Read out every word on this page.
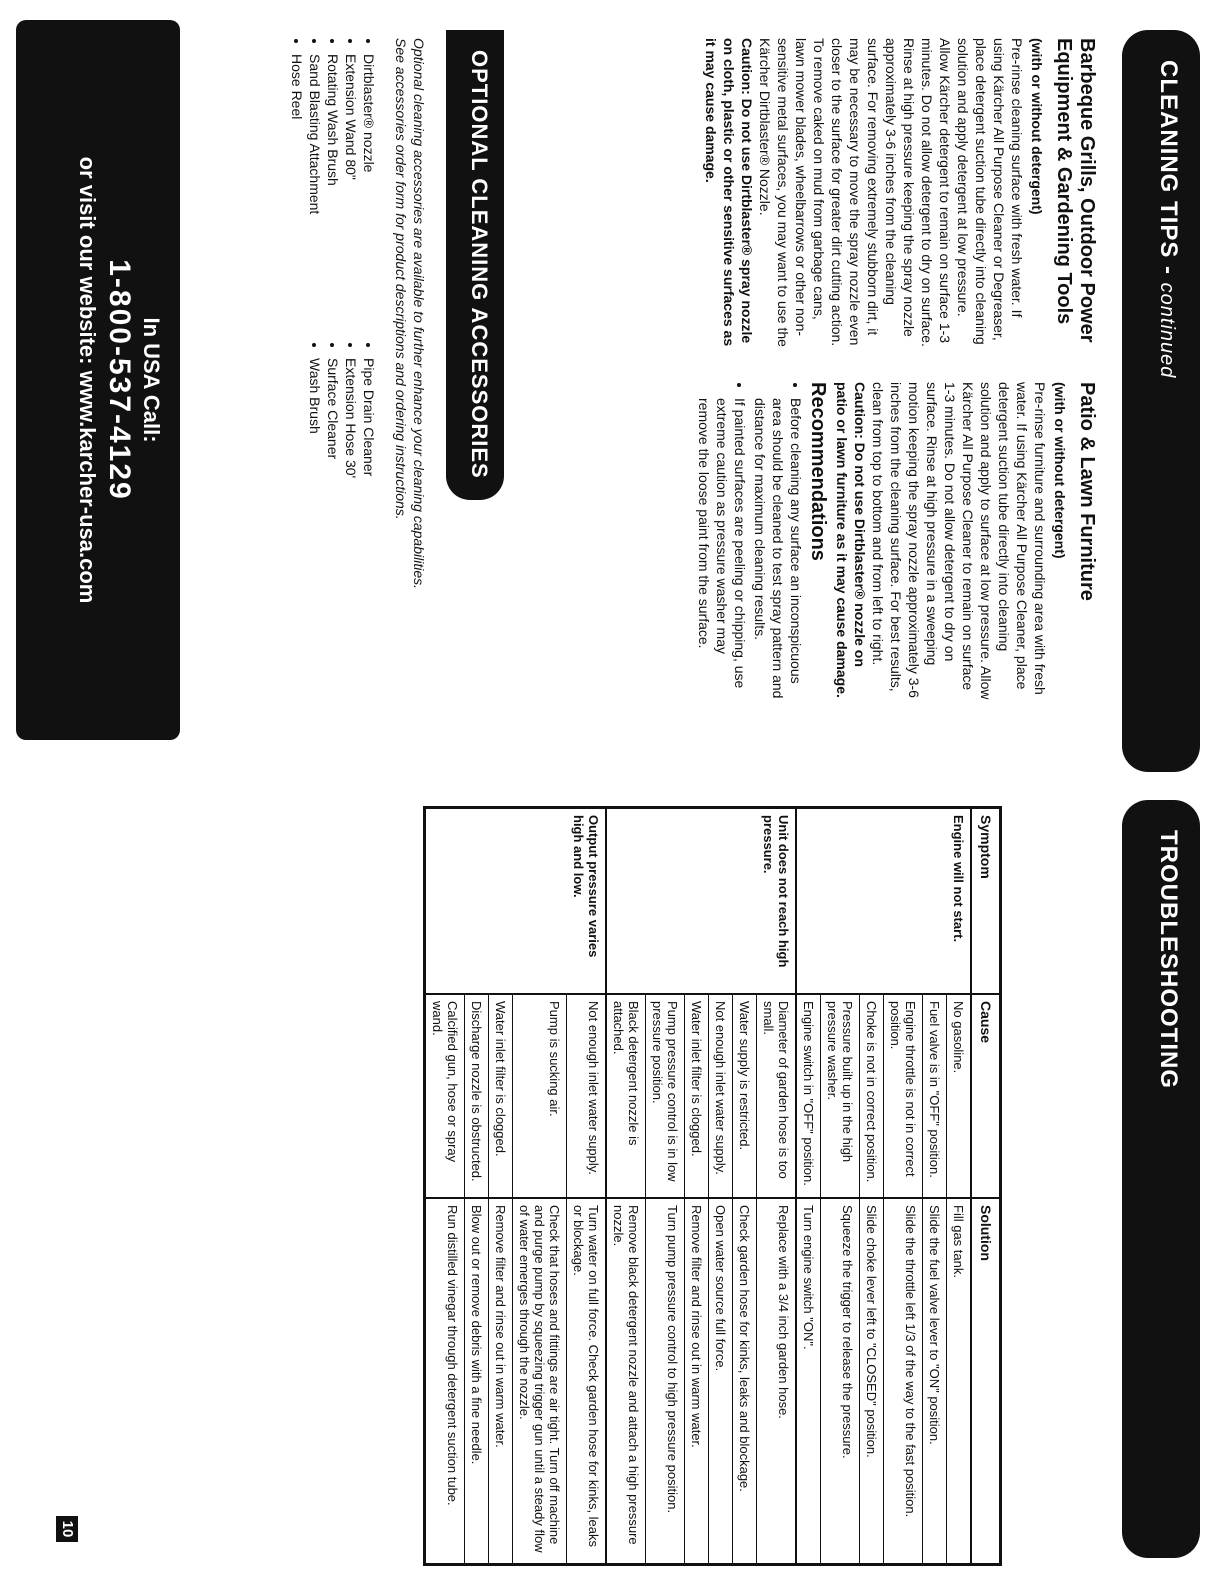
CLEANING TIPS - continued
Barbeque Grills, Outdoor Power Equipment & Gardening Tools

(with or without detergent)

Pre-rinse cleaning surface with fresh water. If using Kärcher All Purpose Cleaner or Degreaser, place detergent suction tube directly into cleaning solution and apply detergent at low pressure. Allow Kärcher detergent to remain on surface 1-3 minutes. Do not allow detergent to dry on surface. Rinse at high pressure keeping the spray nozzle approximately 3-6 inches from the cleaning surface. For removing extremely stubborn dirt, it may be necessary to move the spray nozzle even closer to the surface for greater dirt cutting action. To remove caked on mud from garbage cans, lawn mower blades, wheelbarrows or other non-sensitive metal surfaces, you may want to use the Kärcher Dirtblaster® Nozzle.

Caution: Do not use Dirtblaster® spray nozzle on cloth, plastic or other sensitive surfaces as it may cause damage.

Patio & Lawn Furniture

(with or without detergent)

Pre-rinse furniture and surrounding area with fresh water. If using Kärcher All Purpose Cleaner, place detergent suction tube directly into cleaning solution and apply to surface at low pressure. Allow Kärcher All Purpose Cleaner to remain on surface 1-3 minutes. Do not allow detergent to dry on surface. Rinse at high pressure in a sweeping motion keeping the spray nozzle approximately 3-6 inches from the cleaning surface. For best results, clean from top to bottom and from left to right.

Caution: Do not use Dirtblaster® nozzle on patio or lawn furniture as it may cause damage.

Recommendations
• Before cleaning any surface an inconspicuous area should be cleaned to test spray pattern and distance for maximum cleaning results.
• If painted surfaces are peeling or chipping, use extreme caution as pressure washer may remove the loose paint from the surface.
OPTIONAL CLEANING ACCESSORIES
Optional cleaning accessories are available to further enhance your cleaning capabilities.
See accessories order form for product descriptions and ordering instructions.
• Dirtblaster® nozzle
• Extension Wand 80"
• Rotating Wash Brush
• Sand Blasting Attachment
• Hose Reel
• Pipe Drain Cleaner
• Extension Hose 30'
• Surface Cleaner
• Wash Brush
In USA Call:
1-800-537-4129
or visit our website: www.karcher-usa.com
TROUBLESHOOTING
Symptom	Cause	Solution
Engine will not start.	No gasoline.	Fill gas tank.
	Fuel valve is in "OFF" position.	Slide the fuel valve lever to "ON" position.
	Engine throttle is not in correct position.	Slide the throttle left 1/3 of the way to the fast position.
	Choke is not in correct position.	Slide choke lever left to "CLOSED" position.
	Pressure built up in the high pressure washer.	Squeeze the trigger to release the pressure.
	Engine switch in "OFF" position.	Turn engine switch "ON".
Unit does not reach high pressure.	Diameter of garden hose is too small.	Replace with a 3/4 inch garden hose.
	Water supply is restricted.	Check garden hose for kinks, leaks and blockage.
	Not enough inlet water supply.	Open water source full force.
	Water inlet filter is clogged.	Remove filter and rinse out in warm water.
	Pump pressure control is in low pressure position.	Turn pump pressure control to high pressure position.
	Black detergent nozzle is attached.	Remove black detergent nozzle and attach a high pressure nozzle.
Output pressure varies high and low.	Not enough inlet water supply.	Turn water on full force. Check garden hose for kinks, leaks or blockage.
	Pump is sucking air.	Check that hoses and fittings are air tight. Turn off machine and purge pump by squeezing trigger gun until a steady flow of water emerges through the nozzle.
	Water inlet filter is clogged.	Remove filter and rinse out in warm water.
	Discharge nozzle is obstructed.	Blow out or remove debris with a fine needle.
	Calcified gun, hose or spray wand.	Run distilled vinegar through detergent suction tube.
10
